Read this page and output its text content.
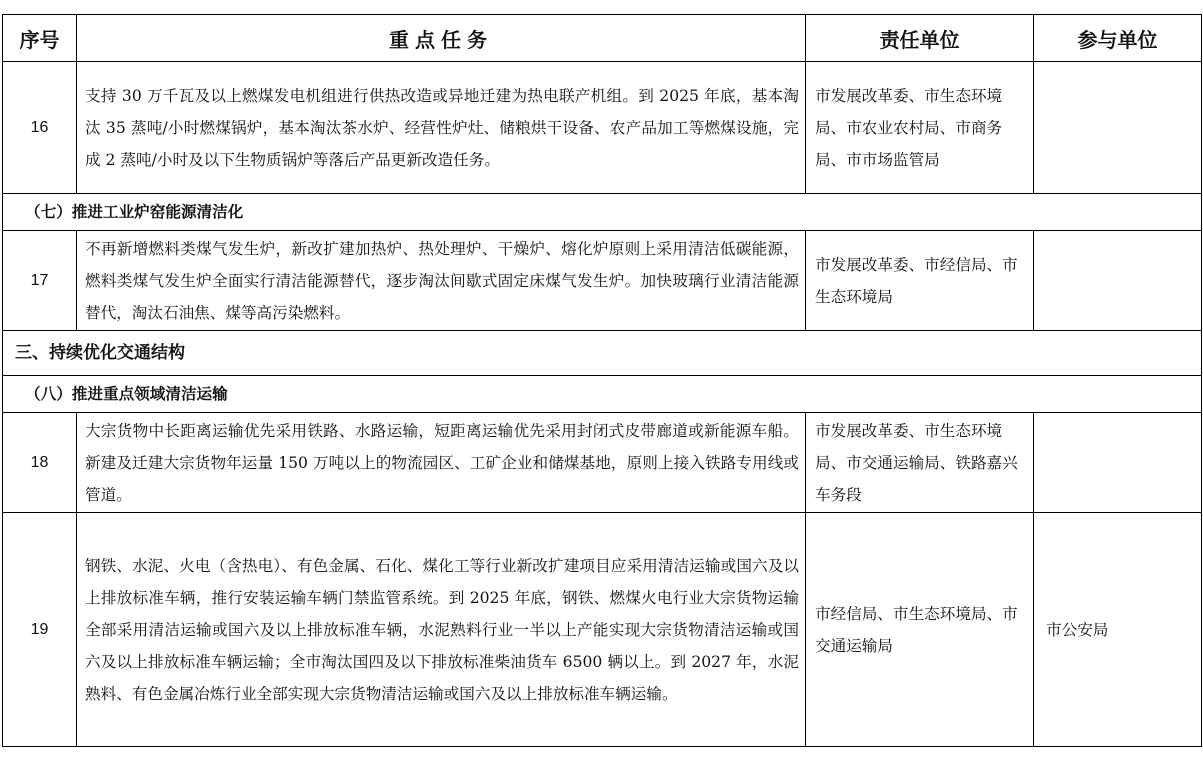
序号	重点任务	责任单位	参与单位
16	支持 30 万千瓦及以上燃煤发电机组进行供热改造或异地迁建为热电联产机组。到 2025 年底，基本淘汰 35 蒸吨/小时燃煤锅炉，基本淘汰茶水炉、经营性炉灶、储粮烘干设备、农产品加工等燃煤设施，完成 2 蒸吨/小时及以下生物质锅炉等落后产品更新改造任务。	市发展改革委、市生态环境局、市农业农村局、市商务局、市市场监管局	
（七）推进工业炉窑能源清洁化			
17	不再新增燃料类煤气发生炉，新改扩建加热炉、热处理炉、干燥炉、熔化炉原则上采用清洁低碳能源，燃料类煤气发生炉全面实行清洁能源替代，逐步淘汰间歇式固定床煤气发生炉。加快玻璃行业清洁能源替代，淘汰石油焦、煤等高污染燃料。	市发展改革委、市经信局、市生态环境局	
三、持续优化交通结构			
（八）推进重点领域清洁运输			
18	大宗货物中长距离运输优先采用铁路、水路运输，短距离运输优先采用封闭式皮带廊道或新能源车船。新建及迁建大宗货物年运量 150 万吨以上的物流园区、工矿企业和储煤基地，原则上接入铁路专用线或管道。	市发展改革委、市生态环境局、市交通运输局、铁路嘉兴车务段	
19	钢铁、水泥、火电（含热电）、有色金属、石化、煤化工等行业新改扩建项目应采用清洁运输或国六及以上排放标准车辆，推行安装运输车辆门禁监管系统。到 2025 年底，钢铁、燃煤火电行业大宗货物运输全部采用清洁运输或国六及以上排放标准车辆，水泥熟料行业一半以上产能实现大宗货物清洁运输或国六及以上排放标准车辆运输；全市淘汰国四及以下排放标准柴油货车 6500 辆以上。到 2027 年，水泥熟料、有色金属冶炼行业全部实现大宗货物清洁运输或国六及以上排放标准车辆运输。	市经信局、市生态环境局、市交通运输局	市公安局
